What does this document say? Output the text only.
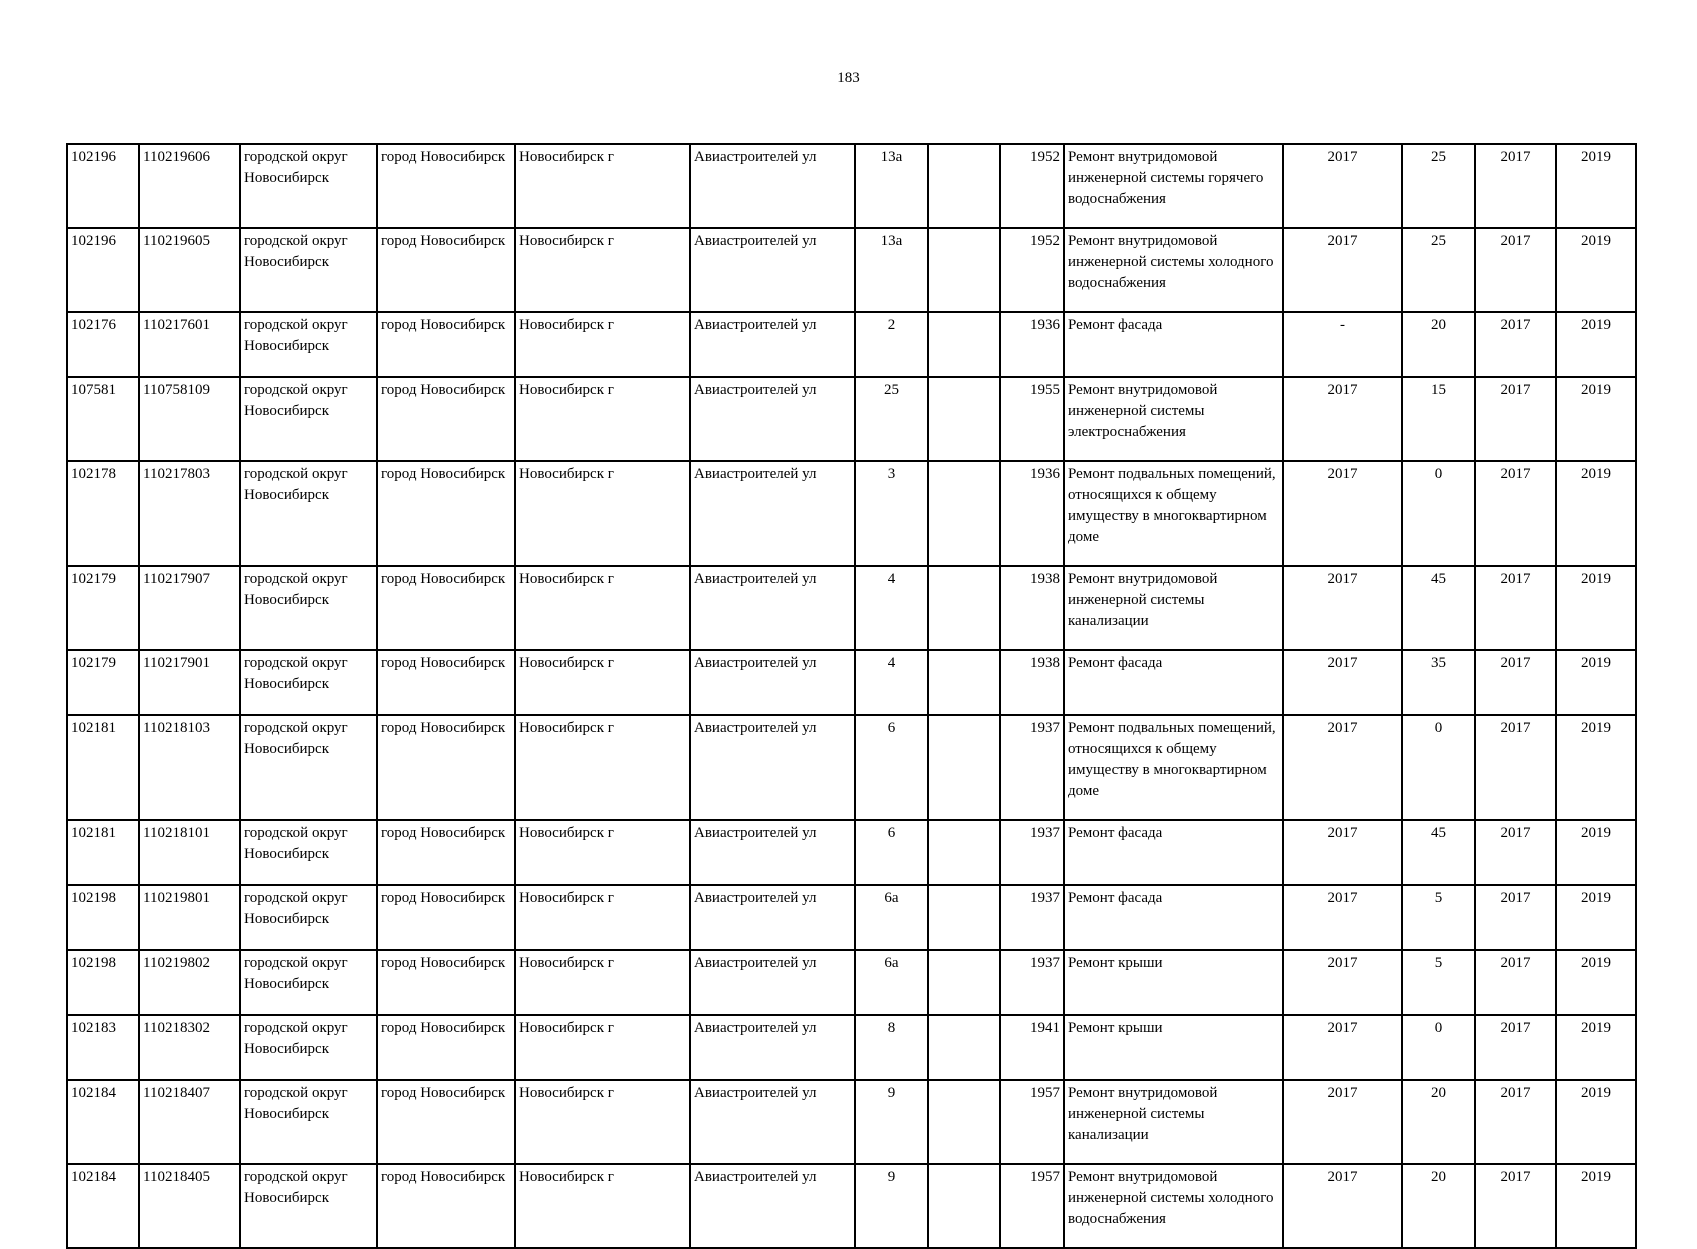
183
102196	110219606	городской округ Новосибирск	город Новосибирск	Новосибирск г	Авиастроителей ул	13а		1952	Ремонт внутридомовой инженерной системы горячего водоснабжения	2017	25	2017	2019

102196	110219605	городской округ Новосибирск	город Новосибирск	Новосибирск г	Авиастроителей ул	13а		1952	Ремонт внутридомовой инженерной системы холодного водоснабжения	2017	25	2017	2019

102176	110217601	городской округ Новосибирск	город Новосибирск	Новосибирск г	Авиастроителей ул	2		1936	Ремонт фасада	-	20	2017	2019

107581	110758109	городской округ Новосибирск	город Новосибирск	Новосибирск г	Авиастроителей ул	25		1955	Ремонт внутридомовой инженерной системы электроснабжения	2017	15	2017	2019

102178	110217803	городской округ Новосибирск	город Новосибирск	Новосибирск г	Авиастроителей ул	3		1936	Ремонт подвальных помещений, относящихся к общему имуществу в многоквартирном доме	2017	0	2017	2019

102179	110217907	городской округ Новосибирск	город Новосибирск	Новосибирск г	Авиастроителей ул	4		1938	Ремонт внутридомовой инженерной системы канализации	2017	45	2017	2019

102179	110217901	городской округ Новосибирск	город Новосибирск	Новосибирск г	Авиастроителей ул	4		1938	Ремонт фасада	2017	35	2017	2019

102181	110218103	городской округ Новосибирск	город Новосибирск	Новосибирск г	Авиастроителей ул	6		1937	Ремонт подвальных помещений, относящихся к общему имуществу в многоквартирном доме	2017	0	2017	2019

102181	110218101	городской округ Новосибирск	город Новосибирск	Новосибирск г	Авиастроителей ул	6		1937	Ремонт фасада	2017	45	2017	2019

102198	110219801	городской округ Новосибирск	город Новосибирск	Новосибирск г	Авиастроителей ул	6а		1937	Ремонт фасада	2017	5	2017	2019

102198	110219802	городской округ Новосибирск	город Новосибирск	Новосибирск г	Авиастроителей ул	6а		1937	Ремонт крыши	2017	5	2017	2019

102183	110218302	городской округ Новосибирск	город Новосибирск	Новосибирск г	Авиастроителей ул	8		1941	Ремонт крыши	2017	0	2017	2019

102184	110218407	городской округ Новосибирск	город Новосибирск	Новосибирск г	Авиастроителей ул	9		1957	Ремонт внутридомовой инженерной системы канализации	2017	20	2017	2019

102184	110218405	городской округ Новосибирск	город Новосибирск	Новосибирск г	Авиастроителей ул	9		1957	Ремонт внутридомовой инженерной системы холодного водоснабжения	2017	20	2017	2019
